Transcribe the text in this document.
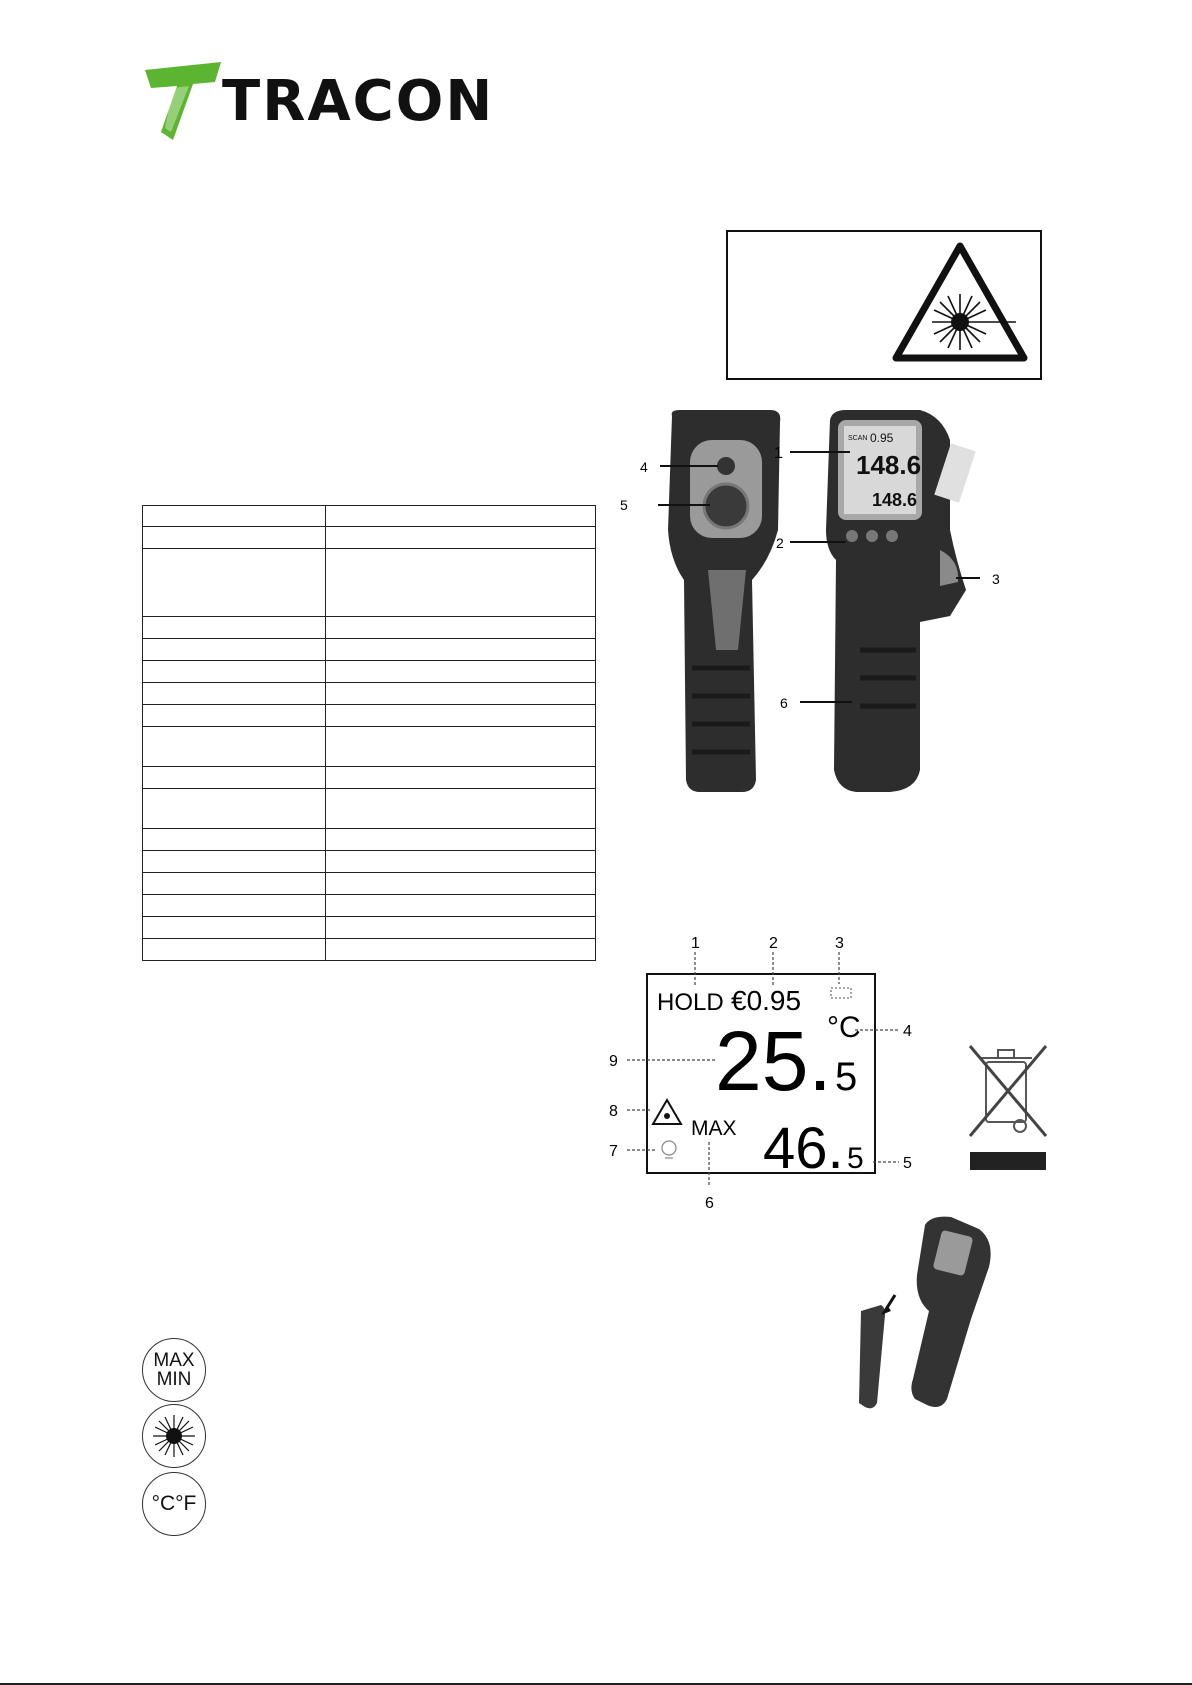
TRACON

4
5
SCAN 0.95
148.6
148.6
1
2
3
6
HOLD €0.95
°C
25. 5
MAX 46. 5
1	2	3
4
5
6
7
8
9
MAX
MIN
°C°F
